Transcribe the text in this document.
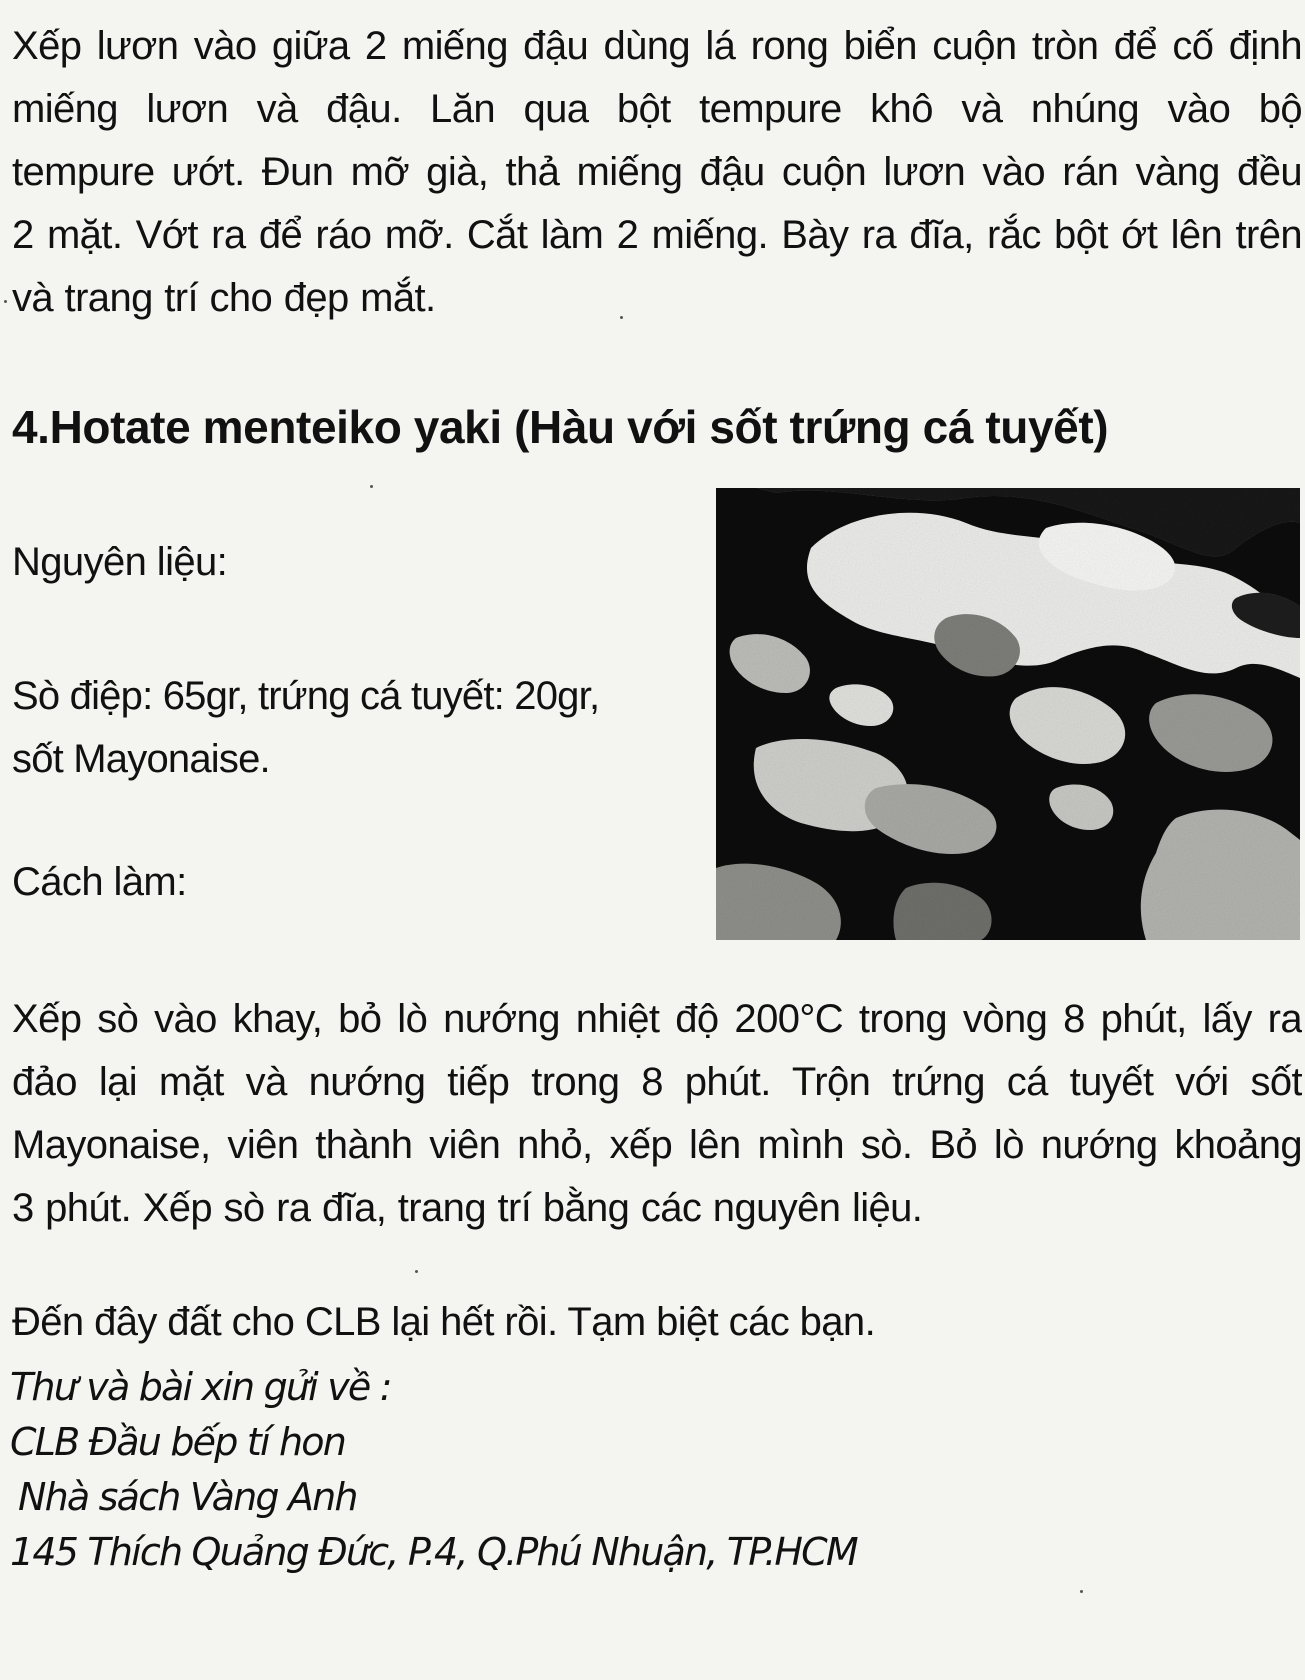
Xếp lươn vào giữa 2 miếng đậu dùng lá rong biển cuộn tròn để cố định
miếng lươn và đậu. Lăn qua bột tempure khô và nhúng vào bộ
tempure ướt. Đun mỡ già, thả miếng đậu cuộn lươn vào rán vàng đều
2 mặt. Vớt ra để ráo mỡ. Cắt làm 2 miếng. Bày ra đĩa, rắc bột ớt lên trên
và trang trí cho đẹp mắt.
4.Hotate menteiko yaki (Hàu với sốt trứng cá tuyết)

Nguyên liệu:

Sò điệp: 65gr, trứng cá tuyết: 20gr,
sốt Mayonaise.

Cách làm:

Xếp sò vào khay, bỏ lò nướng nhiệt độ 200°C trong vòng 8 phút, lấy ra
đảo lại mặt và nướng tiếp trong 8 phút. Trộn trứng cá tuyết với sốt
Mayonaise, viên thành viên nhỏ, xếp lên mình sò. Bỏ lò nướng khoảng
3 phút. Xếp sò ra đĩa, trang trí bằng các nguyên liệu.

Đến đây đất cho CLB lại hết rồi. Tạm biệt các bạn.

Thư và bài xin gửi về :
CLB Đầu bếp tí hon
Nhà sách Vàng Anh
145 Thích Quảng Đức, P.4, Q.Phú Nhuận, TP.HCM
